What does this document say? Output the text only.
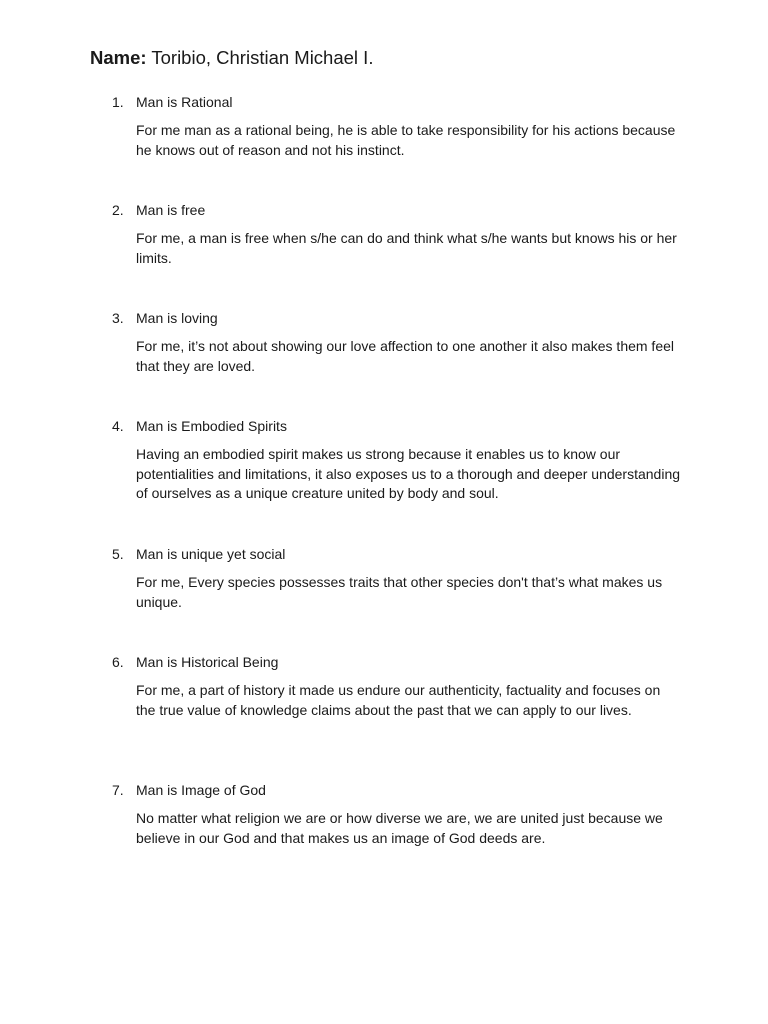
Name: Toribio, Christian Michael I.
1. Man is Rational
For me man as a rational being, he is able to take responsibility for his actions because he knows out of reason and not his instinct.
2. Man is free
For me, a man is free when s/he can do and think what s/he wants but knows his or her limits.
3. Man is loving
For me, it’s not about showing our love affection to one another it also makes them feel that they are loved.
4. Man is Embodied Spirits
Having an embodied spirit makes us strong because it enables us to know our potentialities and limitations, it also exposes us to a thorough and deeper understanding of ourselves as a unique creature united by body and soul.
5. Man is unique yet social
For me, Every species possesses traits that other species don't that’s what makes us unique.
6. Man is Historical Being
For me, a part of history it made us endure our authenticity, factuality and focuses on the true value of knowledge claims about the past that we can apply to our lives.
7. Man is Image of God
No matter what religion we are or how diverse we are, we are united just because we believe in our God and that makes us an image of God deeds are.
